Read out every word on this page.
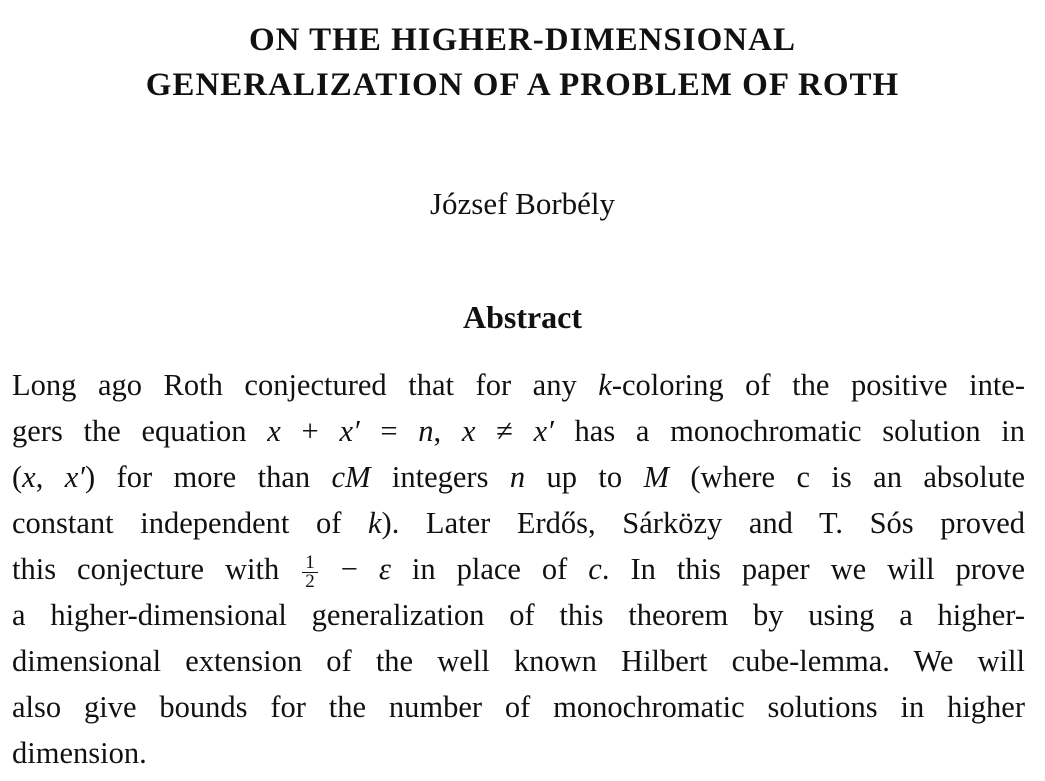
ON THE HIGHER-DIMENSIONAL
GENERALIZATION OF A PROBLEM OF ROTH
József Borbély
Abstract
Long ago Roth conjectured that for any k-coloring of the positive inte-
gers the equation x + x′ = n, x ≠ x′ has a monochromatic solution in
(x, x′) for more than cM integers n up to M (where c is an absolute
constant independent of k). Later Erdős, Sárközy and T. Sós proved
this conjecture with $\frac{1}{2} - \varepsilon$ in place of c. In this paper we will prove
a higher-dimensional generalization of this theorem by using a higher-
dimensional extension of the well known Hilbert cube-lemma. We will
also give bounds for the number of monochromatic solutions in higher
dimension.
